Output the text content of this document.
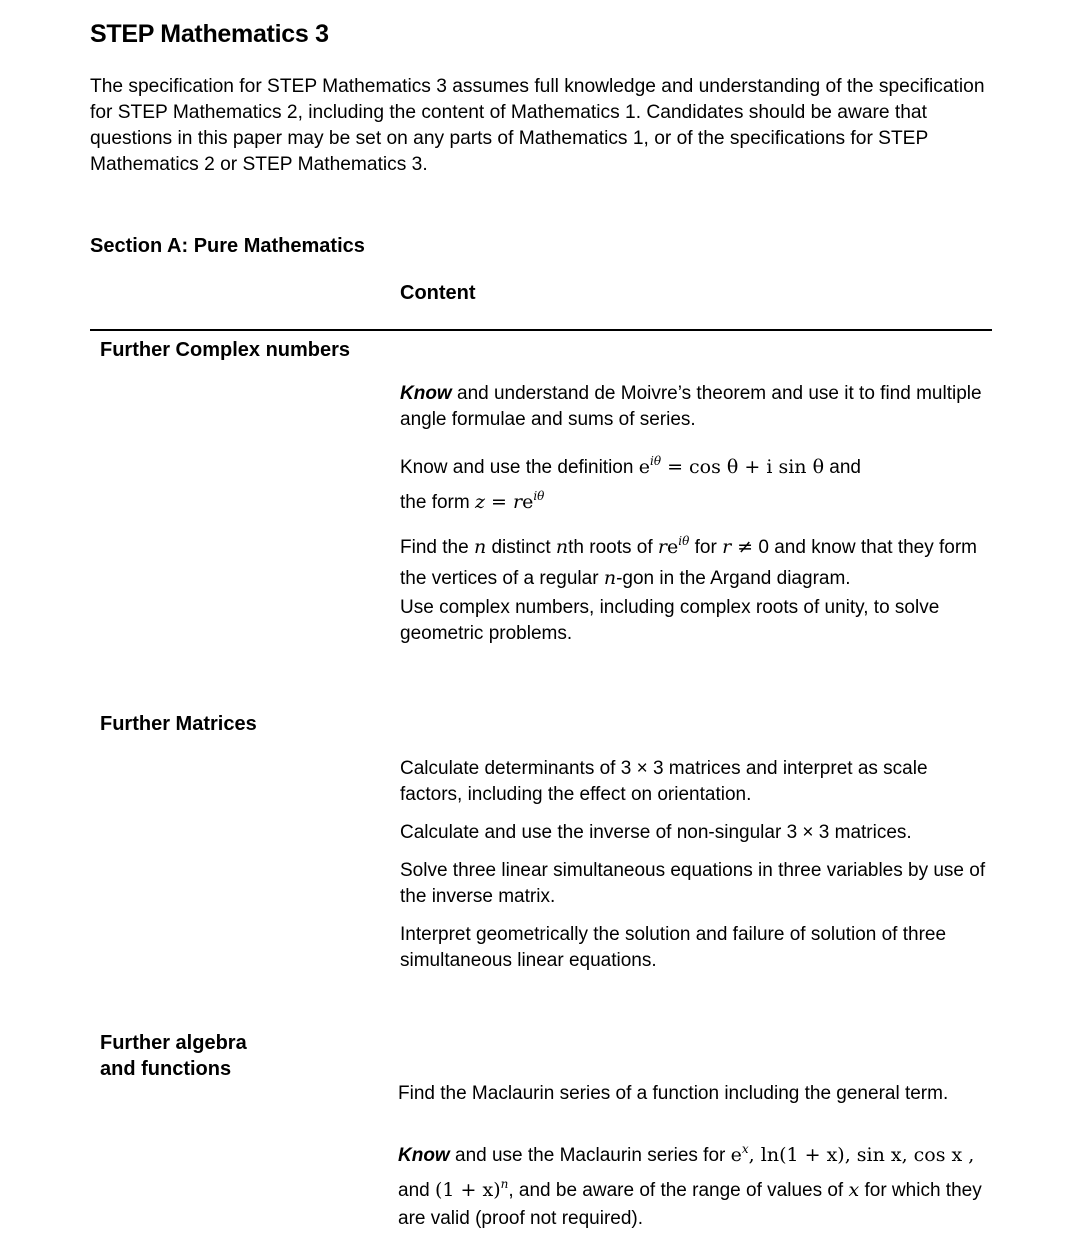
STEP Mathematics 3
The specification for STEP Mathematics 3 assumes full knowledge and understanding of the specification for STEP Mathematics 2, including the content of Mathematics 1. Candidates should be aware that questions in this paper may be set on any parts of Mathematics 1, or of the specifications for STEP Mathematics 2 or STEP Mathematics 3.
Section A: Pure Mathematics
Content
Further Complex numbers
Know and understand de Moivre’s theorem and use it to find multiple angle formulae and sums of series.
Know and use the definition $e^{i\theta} = \cos \theta + i$ sin θ and
the form $z = re^{i\theta}$
Find the n distinct nth roots of $re^{i\theta}$ for r ≠ 0 and know that they form the vertices of a regular n-gon in the Argand diagram.
Use complex numbers, including complex roots of unity, to solve geometric problems.
Further Matrices
Calculate determinants of 3 × 3 matrices and interpret as scale factors, including the effect on orientation.
Calculate and use the inverse of non-singular 3 × 3 matrices.
Solve three linear simultaneous equations in three variables by use of the inverse matrix.
Interpret geometrically the solution and failure of solution of three simultaneous linear equations.
Further algebra
and functions
Find the Maclaurin series of a function including the general term.
Know and use the Maclaurin series for $e^x$, ln(1 + x), sin x, cos x ,
and $(1 + x)^n$, and be aware of the range of values of x for which they are valid (proof not required).
